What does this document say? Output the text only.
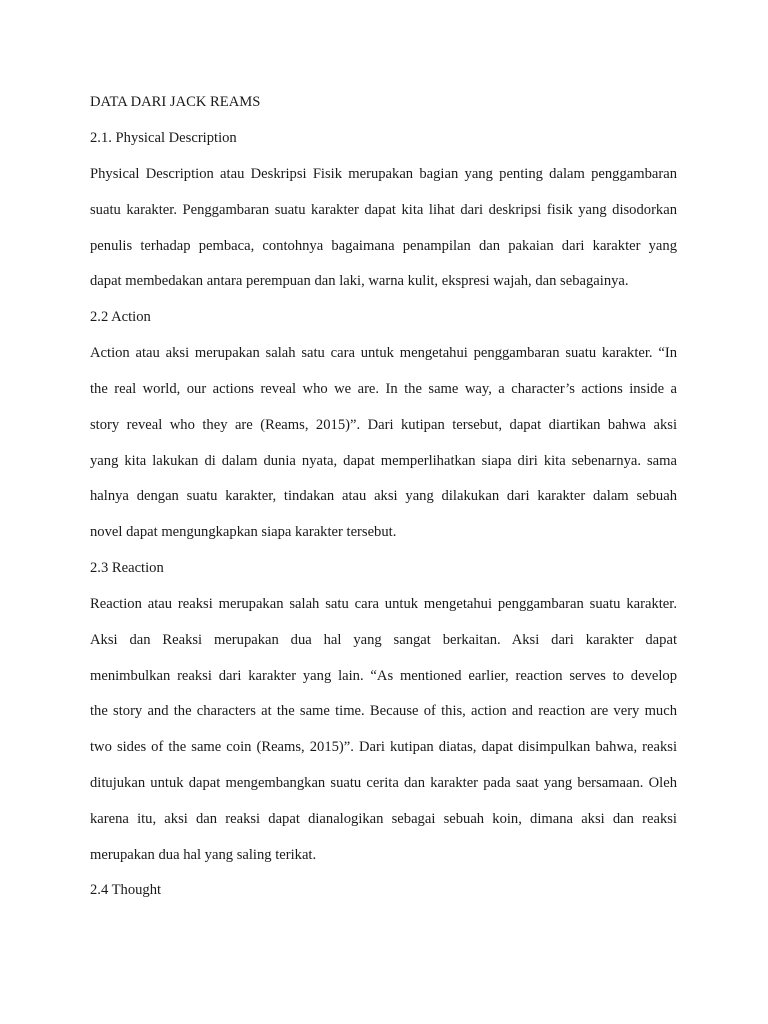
DATA DARI JACK REAMS

2.1. Physical Description

Physical Description atau Deskripsi Fisik merupakan bagian yang penting dalam penggambaran
suatu karakter. Penggambaran suatu karakter dapat kita lihat dari deskripsi fisik yang disodorkan
penulis terhadap pembaca, contohnya bagaimana penampilan dan pakaian dari karakter yang
dapat membedakan antara perempuan dan laki, warna kulit, ekspresi wajah, dan sebagainya.

2.2 Action

Action atau aksi merupakan salah satu cara untuk mengetahui penggambaran suatu karakter. “In
the real world, our actions reveal who we are. In the same way, a character’s actions inside a
story reveal who they are (Reams, 2015)”. Dari kutipan tersebut, dapat diartikan bahwa aksi
yang kita lakukan di dalam dunia nyata, dapat memperlihatkan siapa diri kita sebenarnya. sama
halnya dengan suatu karakter, tindakan atau aksi yang dilakukan dari karakter dalam sebuah
novel dapat mengungkapkan siapa karakter tersebut.

2.3 Reaction

Reaction atau reaksi merupakan salah satu cara untuk mengetahui penggambaran suatu karakter.
Aksi dan Reaksi merupakan dua hal yang sangat berkaitan. Aksi dari karakter dapat
menimbulkan reaksi dari karakter yang lain. “As mentioned earlier, reaction serves to develop
the story and the characters at the same time. Because of this, action and reaction are very much
two sides of the same coin (Reams, 2015)”. Dari kutipan diatas, dapat disimpulkan bahwa, reaksi
ditujukan untuk dapat mengembangkan suatu cerita dan karakter pada saat yang bersamaan. Oleh
karena itu, aksi dan reaksi dapat dianalogikan sebagai sebuah koin, dimana aksi dan reaksi
merupakan dua hal yang saling terikat.

2.4 Thought
